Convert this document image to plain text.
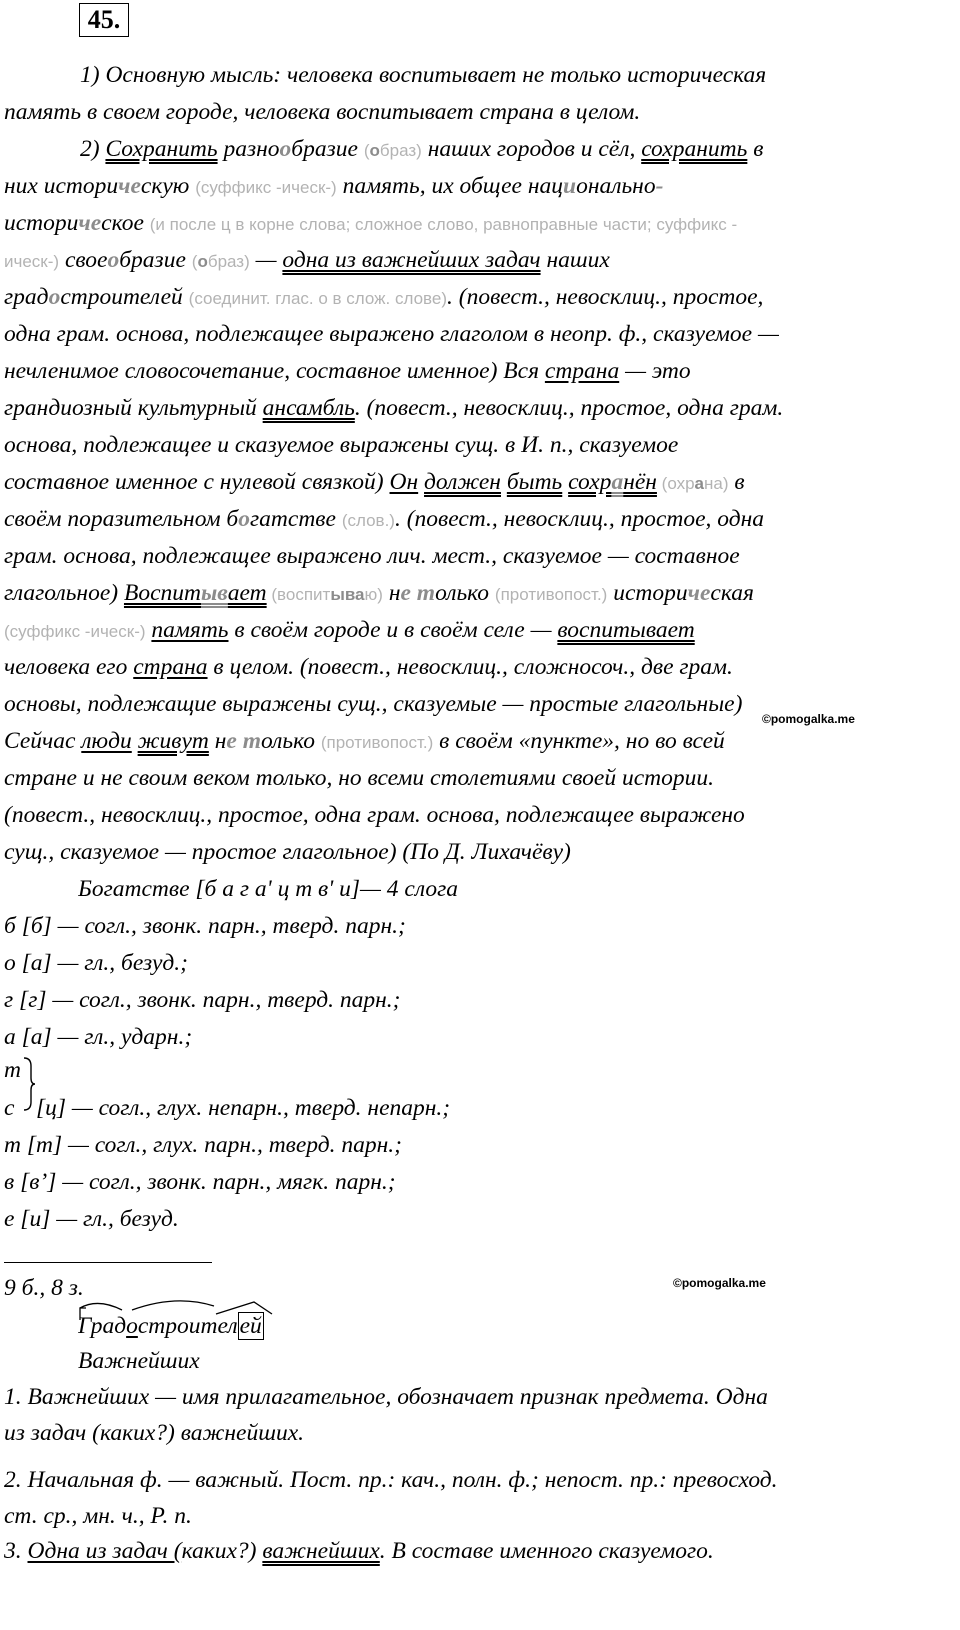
45.
1) Основную мысль: человека воспитывает не только историческая
память в своем городе, человека воспитывает страна в целом.
2) Сохранить разнообразие (образ) наших городов и сёл, сохранить в
них историческую (суффикс -ическ-) память, их общее национально-
историческое (и после ц в корне слова; сложное слово, равноправные части; суффикс -
ическ-) своеобразие (образ) — одна из важнейших задач наших
градостроителей (соединит. глас. о в слож. слове). (повест., невосклиц., простое,
одна грам. основа, подлежащее выражено глаголом в неопр. ф., сказуемое —
нечленимое словосочетание, составное именное) Вся страна — это
грандиозный культурный ансамбль. (повест., невосклиц., простое, одна грам.
основа, подлежащее и сказуемое выражены сущ. в И. п., сказуемое
составное именное с нулевой связкой) Он должен быть сохранён (охрана) в
своём поразительном богатстве (слов.). (повест., невосклиц., простое, одна
грам. основа, подлежащее выражено лич. мест., сказуемое — составное
глагольное) Воспитывает (воспитываю) не только (противопост.) историческая
(суффикс -ическ-) память в своём городе и в своём селе — воспитывает
человека его страна в целом. (повест., невосклиц., сложносоч., две грам.
основы, подлежащие выражены сущ., сказуемые — простые глагольные)
©pomogalka.me
Сейчас люди живут не только (противопост.) в своём «пункте», но во всей
стране и не своим веком только, но всеми столетиями своей истории.
(повест., невосклиц., простое, одна грам. основа, подлежащее выражено
сущ., сказуемое — простое глагольное) (По Д. Лихачёву)
Богатстве [б а г а' ц т в' и]— 4 слога
б [б] — согл., звонк. парн., тверд. парн.;
о [а] — гл., безуд.;
г [г] — согл., звонк. парн., тверд. парн.;
а [а] — гл., ударн.;
т
с [ц] — согл., глух. непарн., тверд. непарн.;
т [т] — согл., глух. парн., тверд. парн.;
в [в’] — согл., звонк. парн., мягк. парн.;
е [и] — гл., безуд.
9 б., 8 з.	©pomogalka.me
Градостроителей
Важнейших
1. Важнейших — имя прилагательное, обозначает признак предмета. Одна
из задач (каких?) важнейших.
2. Начальная ф. — важный. Пост. пр.: кач., полн. ф.; непост. пр.: превосход.
ст. ср., мн. ч., Р. п.
3. Одна из задач (каких?) важнейших. В составе именного сказуемого.
